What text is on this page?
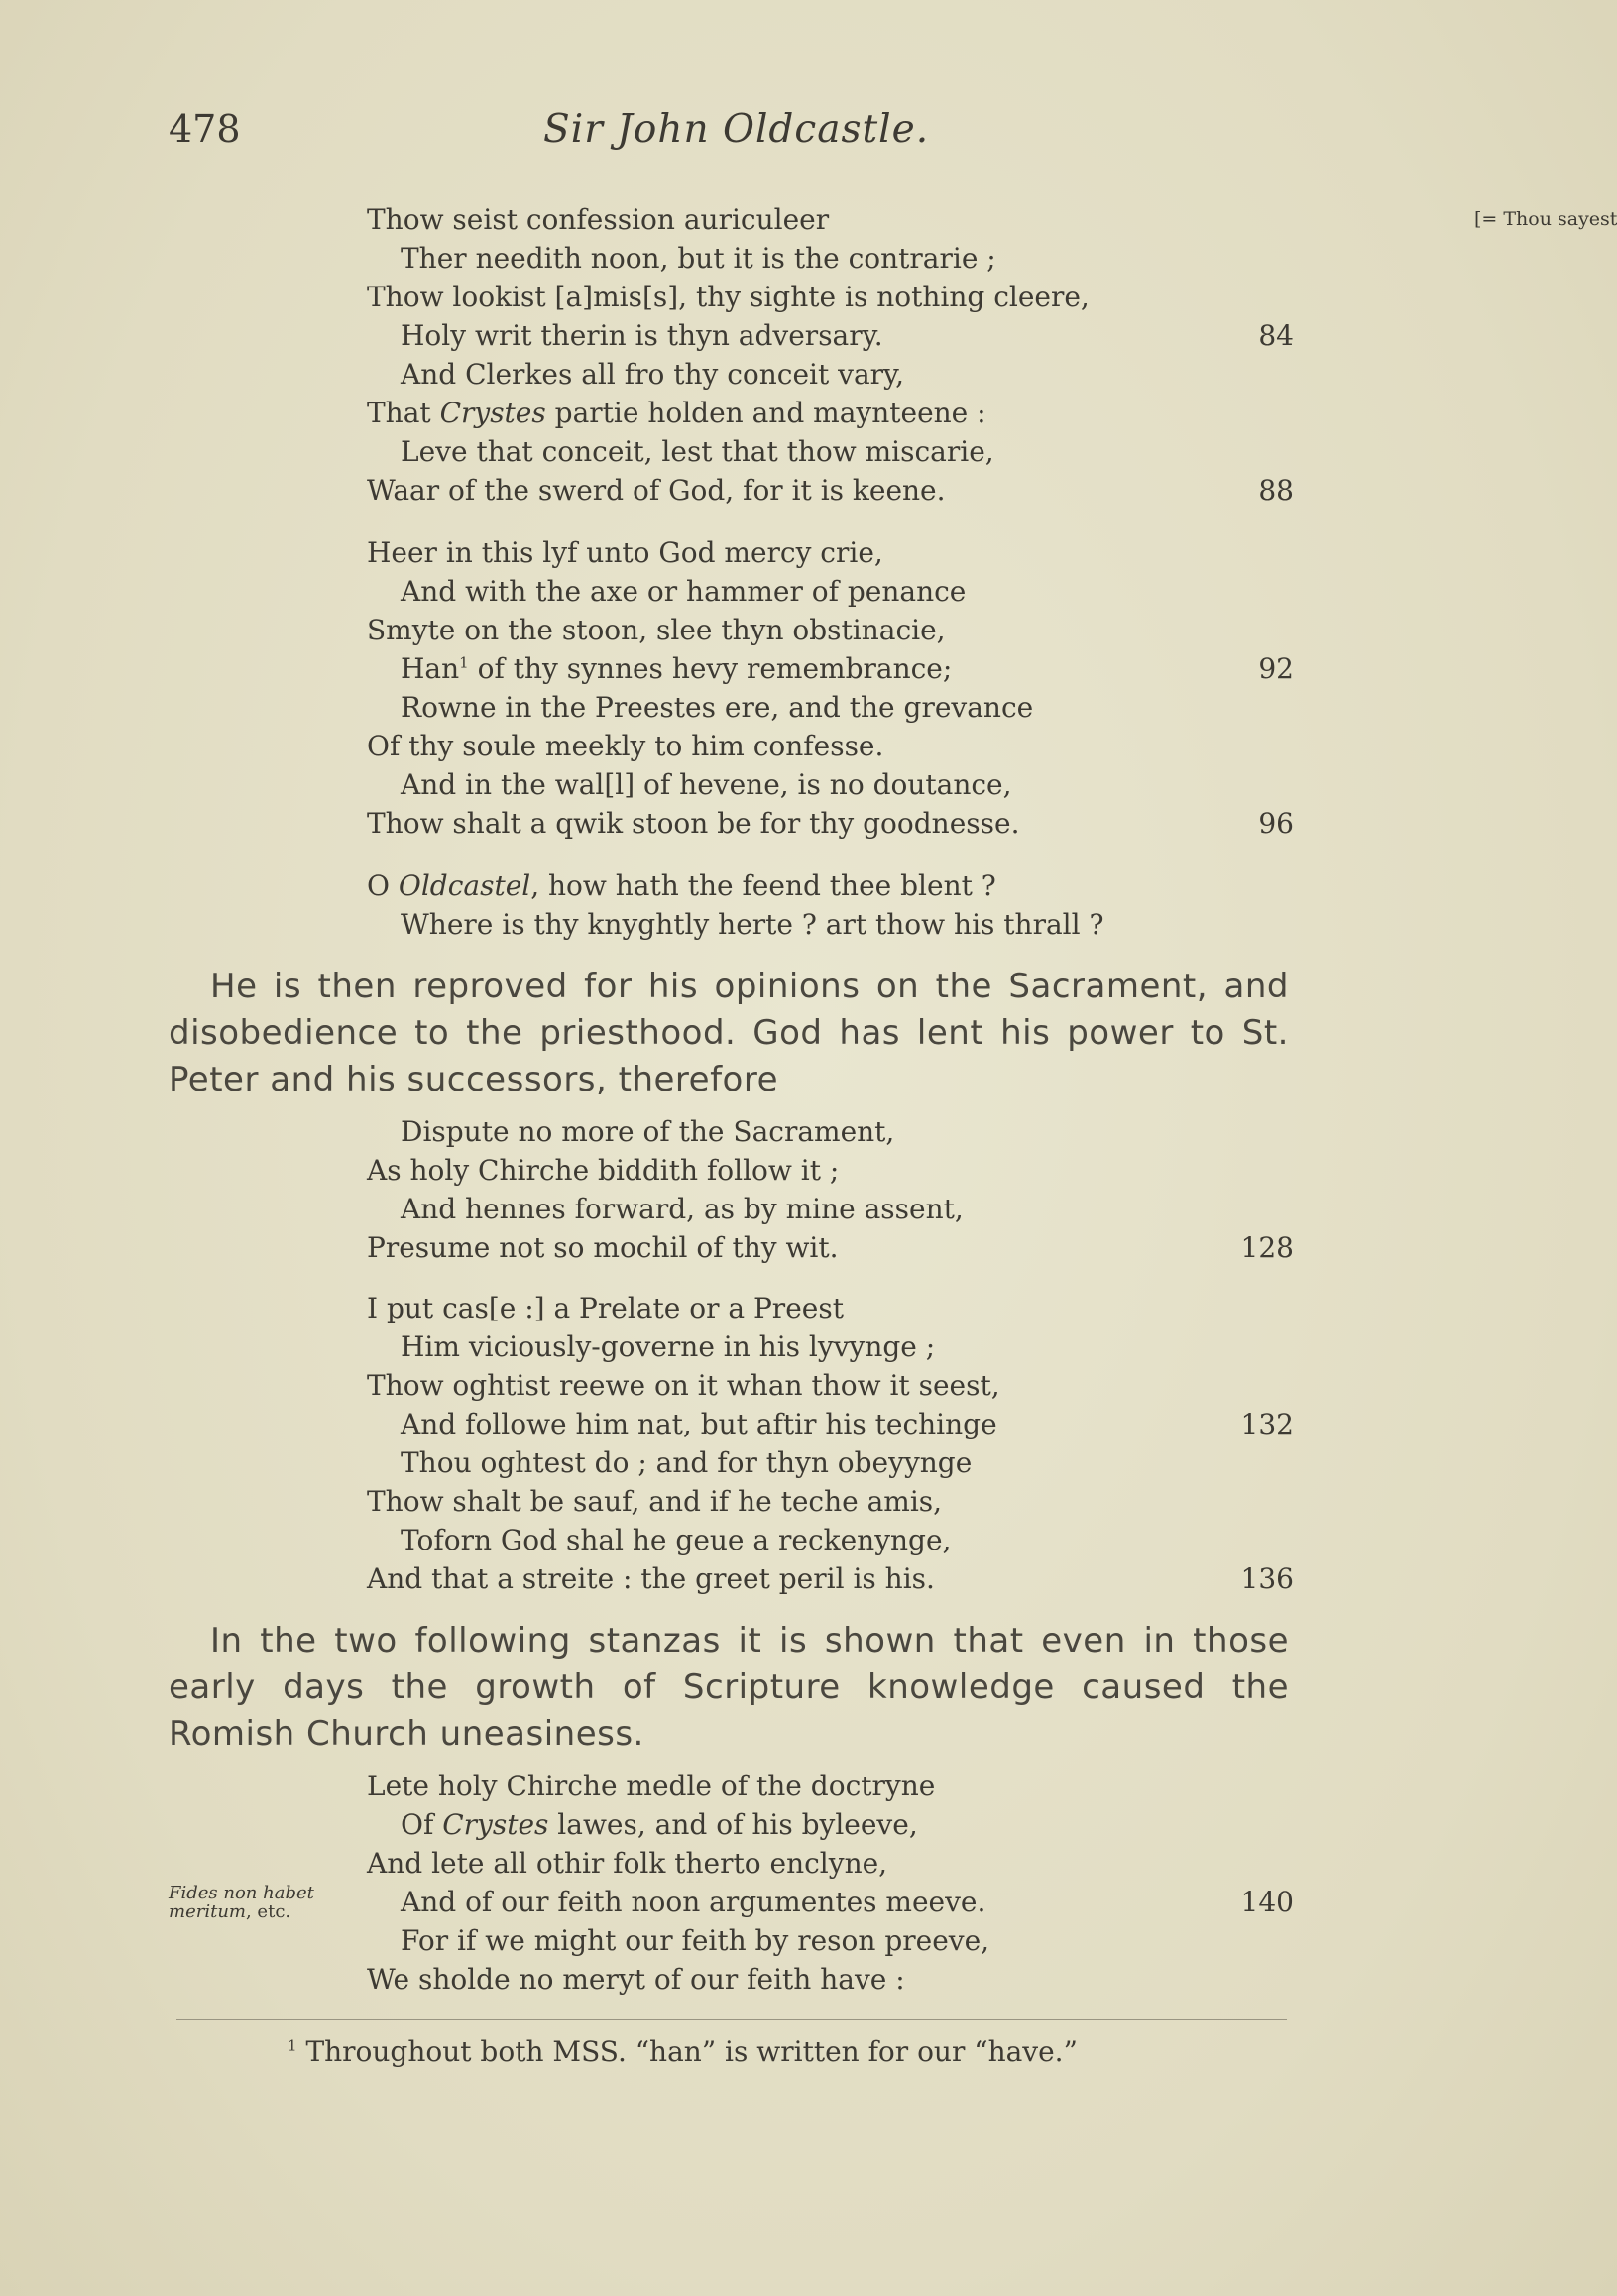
478	Sir John Oldcastle.
Thow seist confession auriculeer	[= Thou sayest
Ther needith noon, but it is the contrarie ;
Thow lookist [a]mis[s], thy sighte is nothing cleere,
Holy writ therin is thyn adversary.	84
And Clerkes all fro thy conceit vary,
That Crystes partie holden and maynteene :
Leve that conceit, lest that thow miscarie,
Waar of the swerd of God, for it is keene.	88
Heer in this lyf unto God mercy crie,
And with the axe or hammer of penance
Smyte on the stoon, slee thyn obstinacie,
Han$^1$ of thy synnes hevy remembrance;	92
Rowne in the Preestes ere, and the grevance
Of thy soule meekly to him confesse.
And in the wal[l] of hevene, is no doutance,
Thow shalt a qwik stoon be for thy goodnesse.	96
O Oldcastel, how hath the feend thee blent ?
Where is thy knyghtly herte ? art thow his thrall ?

He is then reproved for his opinions on the Sacrament, and disobedience to the priesthood. God has lent his power to St. Peter and his successors, therefore

Dispute no more of the Sacrament,
As holy Chirche biddith follow it ;
And hennes forward, as by mine assent,
Presume not so mochil of thy wit.	128
I put cas[e :] a Prelate or a Preest
Him viciously-governe in his lyvynge ;
Thow oghtist reewe on it whan thow it seest,
And followe him nat, but aftir his techinge	132
Thou oghtest do ; and for thyn obeyynge
Thow shalt be sauf, and if he teche amis,
Toforn God shal he geue a reckenynge,
And that a streite : the greet peril is his.	136

In the two following stanzas it is shown that even in those early days the growth of Scripture knowledge caused the Romish Church uneasiness.

Lete holy Chirche medle of the doctryne
Of Crystes lawes, and of his byleeve,
And lete all othir folk therto enclyne,
And of our feith noon argumentes meeve.	140
For if we might our feith by reson preeve,
We sholde no meryt of our feith have :
Fides non habet
meritum, etc.
$^1$ Throughout both MSS. “han” is written for our “have.”
